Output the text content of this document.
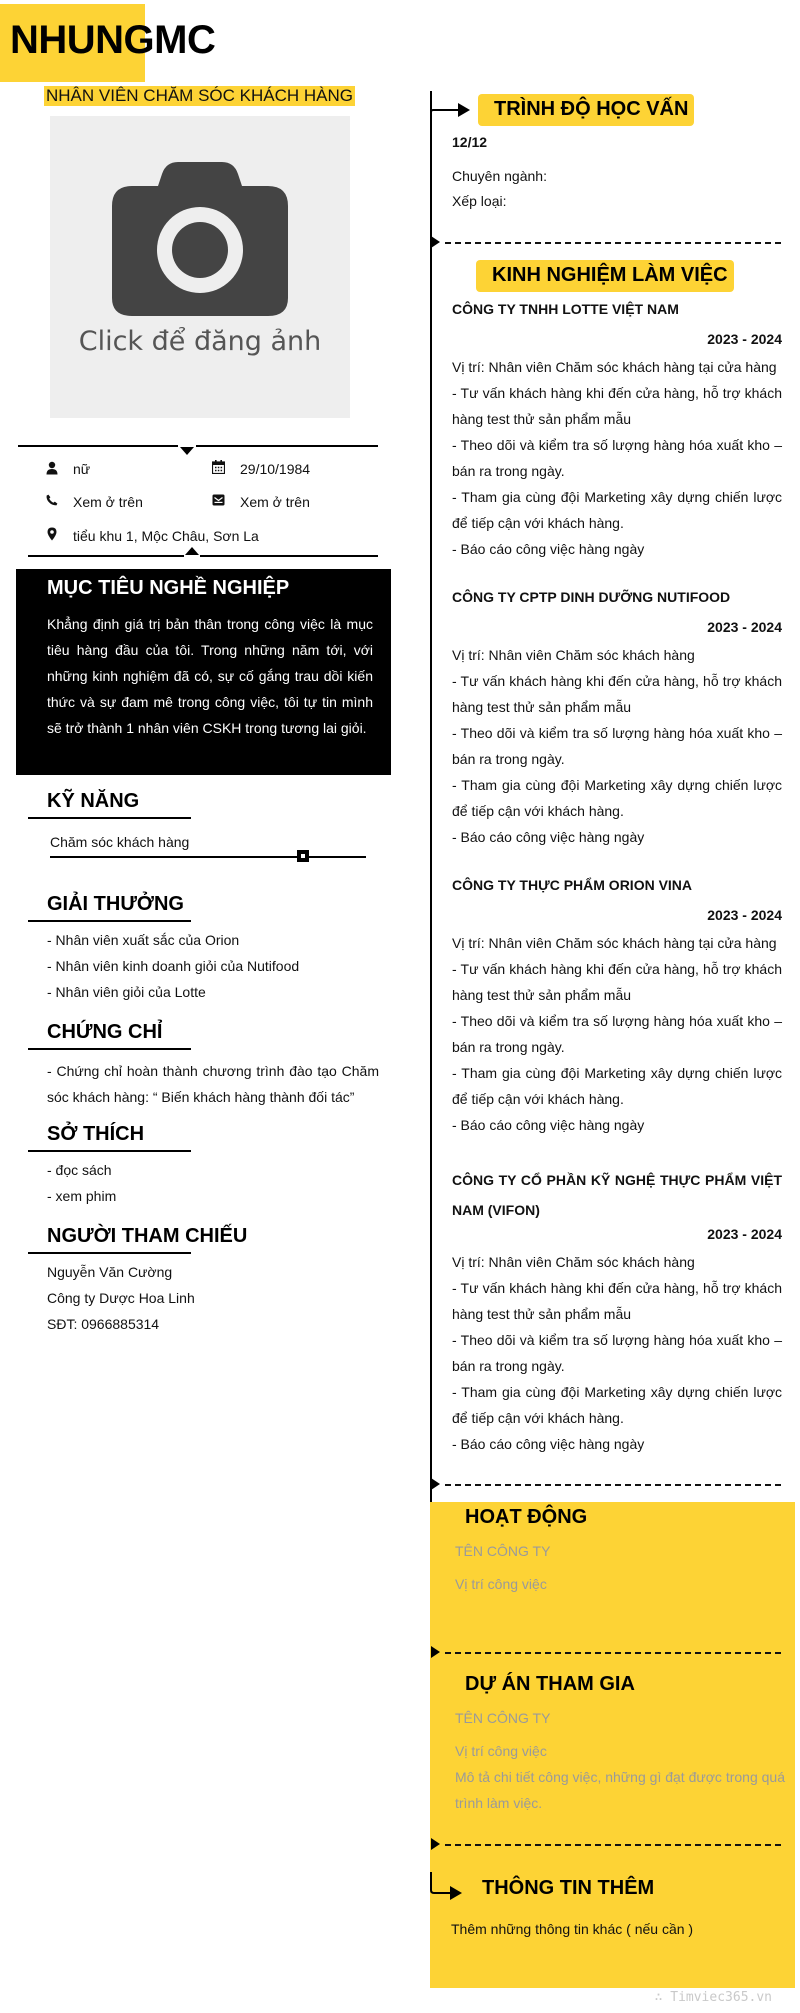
NHUNGMC
NHÂN VIÊN CHĂM SÓC KHÁCH HÀNG
Click để đăng ảnh
nữ	29/10/1984
Xem ở trên	Xem ở trên
tiểu khu 1, Mộc Châu, Sơn La
MỤC TIÊU NGHỀ NGHIỆP
Khẳng định giá trị bản thân trong công việc là mục tiêu hàng đầu của tôi. Trong những năm tới, với những kinh nghiệm đã có, sự cố gắng trau dồi kiến thức và sự đam mê trong công việc, tôi tự tin mình sẽ trở thành 1 nhân viên CSKH trong tương lai giỏi.
KỸ NĂNG
Chăm sóc khách hàng
GIẢI THƯỞNG
- Nhân viên xuất sắc của Orion
- Nhân viên kinh doanh giỏi của Nutifood
- Nhân viên giỏi của Lotte
CHỨNG CHỈ
- Chứng chỉ hoàn thành chương trình đào tạo Chăm sóc khách hàng: “ Biến khách hàng thành đối tác”
SỞ THÍCH
- đọc sách
- xem phim
NGƯỜI THAM CHIẾU
Nguyễn Văn Cường
Công ty Dược Hoa Linh
SĐT: 0966885314
TRÌNH ĐỘ HỌC VẤN
12/12
Chuyên ngành:
Xếp loại:
KINH NGHIỆM LÀM VIỆC
CÔNG TY TNHH LOTTE VIỆT NAM
2023 - 2024
Vị trí: Nhân viên Chăm sóc khách hàng tại cửa hàng
- Tư vấn khách hàng khi đến cửa hàng, hỗ trợ khách hàng test thử sản phẩm mẫu
- Theo dõi và kiểm tra số lượng hàng hóa xuất kho – bán ra trong ngày.
- Tham gia cùng đội Marketing xây dựng chiến lược để tiếp cận với khách hàng.
- Báo cáo công việc hàng ngày
CÔNG TY CPTP DINH DƯỠNG NUTIFOOD
2023 - 2024
Vị trí: Nhân viên Chăm sóc khách hàng
- Tư vấn khách hàng khi đến cửa hàng, hỗ trợ khách hàng test thử sản phẩm mẫu
- Theo dõi và kiểm tra số lượng hàng hóa xuất kho – bán ra trong ngày.
- Tham gia cùng đội Marketing xây dựng chiến lược để tiếp cận với khách hàng.
- Báo cáo công việc hàng ngày
CÔNG TY THỰC PHẨM ORION VINA
2023 - 2024
Vị trí: Nhân viên Chăm sóc khách hàng tại cửa hàng
- Tư vấn khách hàng khi đến cửa hàng, hỗ trợ khách hàng test thử sản phẩm mẫu
- Theo dõi và kiểm tra số lượng hàng hóa xuất kho – bán ra trong ngày.
- Tham gia cùng đội Marketing xây dựng chiến lược để tiếp cận với khách hàng.
- Báo cáo công việc hàng ngày
CÔNG TY CỔ PHẦN KỸ NGHỆ THỰC PHẨM VIỆT NAM (VIFON)
2023 - 2024
Vị trí: Nhân viên Chăm sóc khách hàng
- Tư vấn khách hàng khi đến cửa hàng, hỗ trợ khách hàng test thử sản phẩm mẫu
- Theo dõi và kiểm tra số lượng hàng hóa xuất kho – bán ra trong ngày.
- Tham gia cùng đội Marketing xây dựng chiến lược để tiếp cận với khách hàng.
- Báo cáo công việc hàng ngày
HOẠT ĐỘNG
TÊN CÔNG TY
Vị trí công việc
DỰ ÁN THAM GIA
TÊN CÔNG TY
Vị trí công việc
Mô tả chi tiết công việc, những gì đạt được trong quá trình làm việc.
THÔNG TIN THÊM
Thêm những thông tin khác ( nếu cần )
∴ Timviec365.vn
